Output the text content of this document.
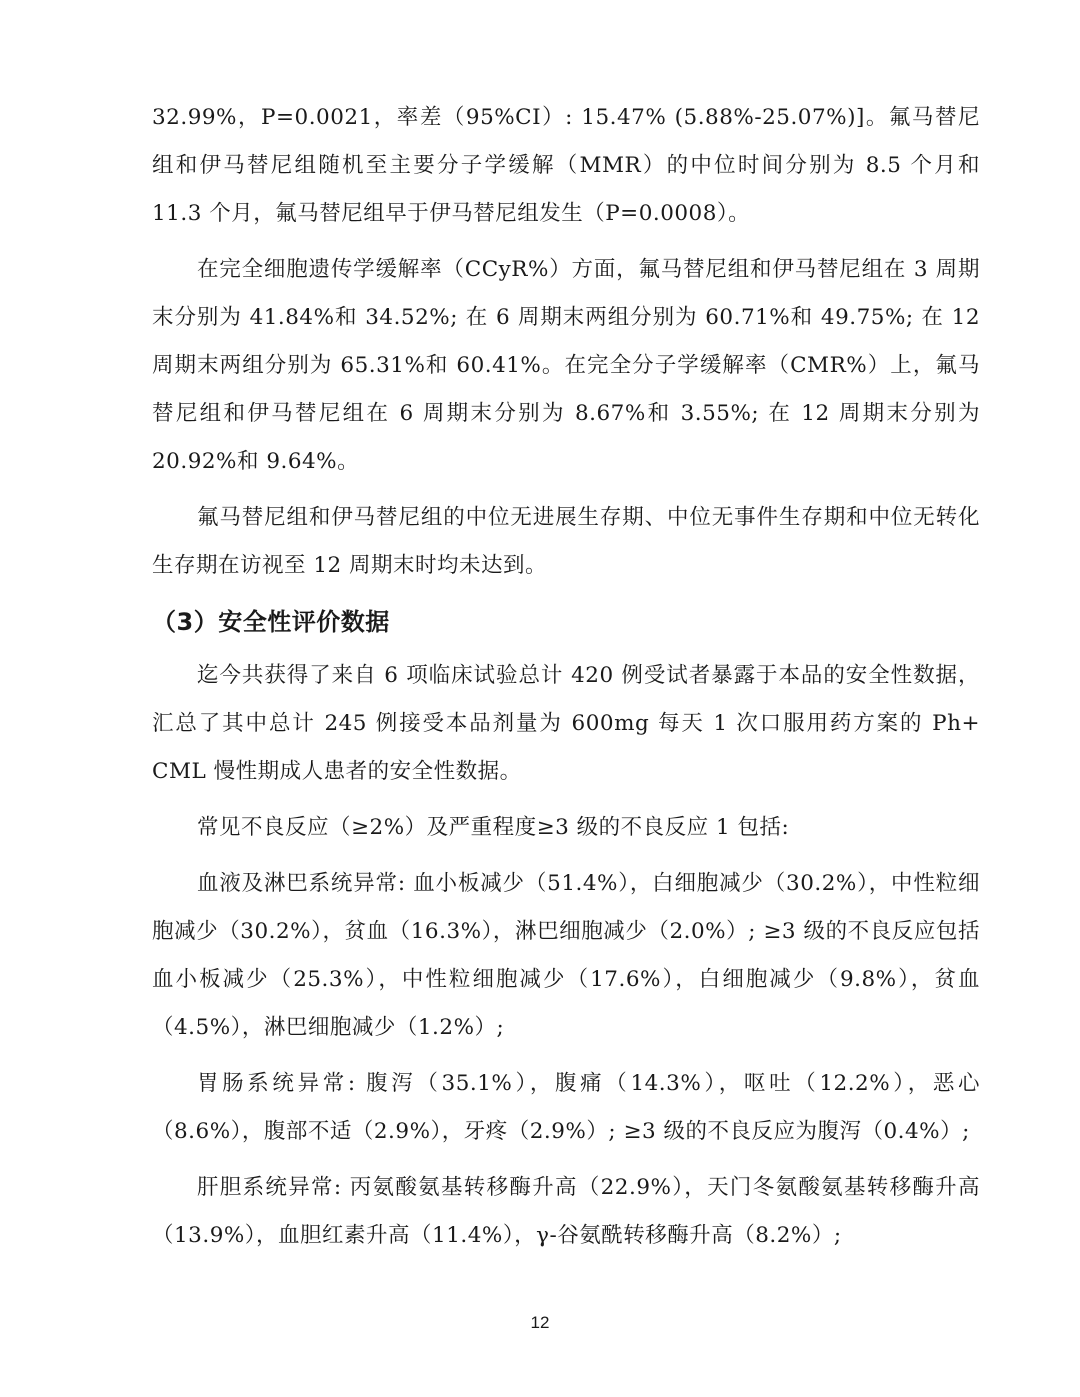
32.99%，P=0.0021，率差（95%CI）: 15.47% (5.88%-25.07%)]。氟马替尼组和伊马替尼组随机至主要分子学缓解（MMR）的中位时间分别为 8.5 个月和 11.3 个月，氟马替尼组早于伊马替尼组发生（P=0.0008）。

在完全细胞遗传学缓解率（CCyR%）方面，氟马替尼组和伊马替尼组在 3 周期末分别为 41.84%和 34.52%; 在 6 周期末两组分别为 60.71%和 49.75%; 在 12 周期末两组分别为 65.31%和 60.41%。在完全分子学缓解率（CMR%）上，氟马替尼组和伊马替尼组在 6 周期末分别为 8.67%和 3.55%; 在 12 周期末分别为 20.92%和 9.64%。

氟马替尼组和伊马替尼组的中位无进展生存期、中位无事件生存期和中位无转化生存期在访视至 12 周期末时均未达到。

（3）安全性评价数据

迄今共获得了来自 6 项临床试验总计 420 例受试者暴露于本品的安全性数据，汇总了其中总计 245 例接受本品剂量为 600mg 每天 1 次口服用药方案的 Ph+ CML 慢性期成人患者的安全性数据。

常见不良反应（≥2%）及严重程度≥3 级的不良反应 1 包括:

血液及淋巴系统异常: 血小板减少（51.4%），白细胞减少（30.2%），中性粒细胞减少（30.2%），贫血（16.3%），淋巴细胞减少（2.0%）; ≥3 级的不良反应包括血小板减少（25.3%），中性粒细胞减少（17.6%），白细胞减少（9.8%），贫血（4.5%），淋巴细胞减少（1.2%）;

胃肠系统异常: 腹泻（35.1%），腹痛（14.3%），呕吐（12.2%），恶心（8.6%），腹部不适（2.9%），牙疼（2.9%）; ≥3 级的不良反应为腹泻（0.4%）;

肝胆系统异常: 丙氨酸氨基转移酶升高（22.9%），天门冬氨酸氨基转移酶升高（13.9%），血胆红素升高（11.4%），γ-谷氨酰转移酶升高（8.2%）;

12
